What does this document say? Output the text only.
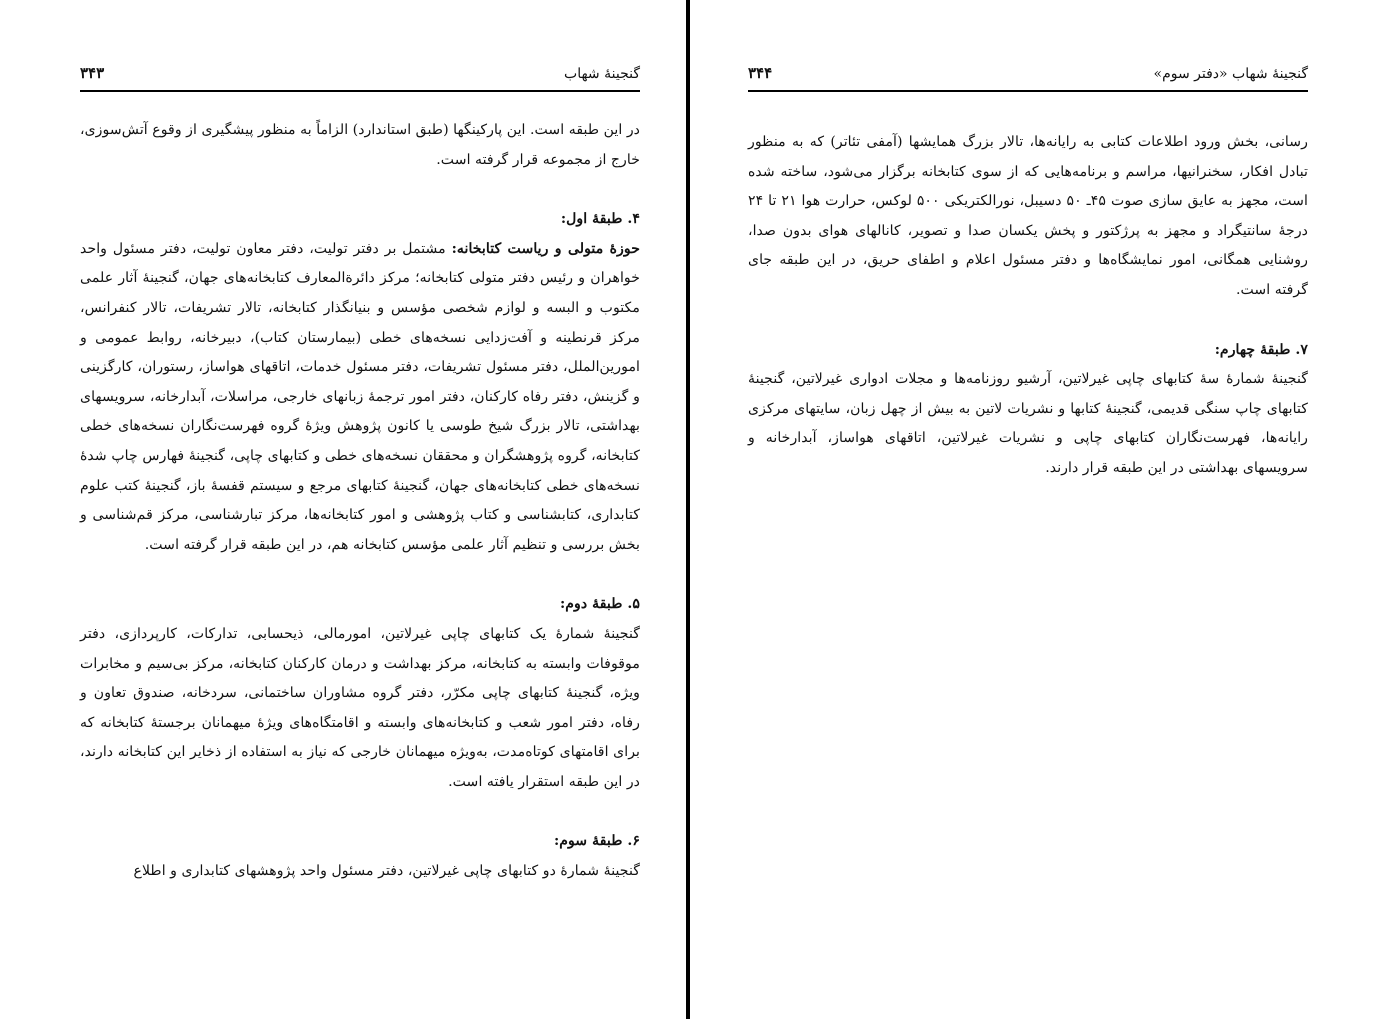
گنجینهٔ شهاب
۳۴۳

در این طبقه است. این پارکینگها (طبق استاندارد) الزاماً به منظور پیشگیری از وقوع آتش‌سوزی، خارج از مجموعه قرار گرفته است.

۴. طبقهٔ اول:

حوزهٔ متولی و ریاست کتابخانه: مشتمل بر دفتر تولیت، دفتر معاون تولیت، دفتر مسئول واحد خواهران و رئیس دفتر متولی کتابخانه؛ مرکز دائرةالمعارف کتابخانه‌های جهان، گنجینهٔ آثار علمی مکتوب و البسه و لوازم شخصی مؤسس و بنیانگذار کتابخانه، تالار تشریفات، تالار کنفرانس، مرکز قرنطینه و آفت‌زدایی نسخه‌های خطی (بیمارستان کتاب)، دبیرخانه، روابط عمومی و امورین‌الملل، دفتر مسئول تشریفات، دفتر مسئول خدمات، اتاقهای هواساز، رستوران، کارگزینی و گزینش، دفتر رفاه کارکنان، دفتر امور ترجمهٔ زبانهای خارجی، مراسلات، آبدارخانه، سرویسهای بهداشتی، تالار بزرگ شیخ طوسی یا کانون پژوهش ویژهٔ گروه فهرست‌نگاران نسخه‌های خطی کتابخانه، گروه پژوهشگران و محققان نسخه‌های خطی و کتابهای چاپی، گنجینهٔ فهارس چاپ شدهٔ نسخه‌های خطی کتابخانه‌های جهان، گنجینهٔ کتابهای مرجع و سیستم قفسهٔ باز، گنجینهٔ کتب علوم کتابداری، کتابشناسی و کتاب پژوهشی و امور کتابخانه‌ها، مرکز تبارشناسی، مرکز قم‌شناسی و بخش بررسی و تنظیم آثار علمی مؤسس کتابخانه هم، در این طبقه قرار گرفته است.

۵. طبقهٔ دوم:

گنجینهٔ شمارهٔ یک کتابهای چاپی غیرلاتین، امورمالی، ذیحسابی، تدارکات، کارپردازی، دفتر موقوفات وابسته به کتابخانه، مرکز بهداشت و درمان کارکنان کتابخانه، مرکز بی‌سیم و مخابرات ویژه، گنجینهٔ کتابهای چاپی مکرّر، دفتر گروه مشاوران ساختمانی، سردخانه، صندوق تعاون و رفاه، دفتر امور شعب و کتابخانه‌های وابسته و اقامتگاه‌های ویژهٔ میهمانان برجستهٔ کتابخانه که برای اقامتهای کوتاه‌مدت، به‌ویژه میهمانان خارجی که نیاز به استفاده از ذخایر این کتابخانه دارند، در این طبقه استقرار یافته است.

۶. طبقهٔ سوم:

گنجینهٔ شمارهٔ دو کتابهای چاپی غیرلاتین، دفتر مسئول واحد پژوهشهای کتابداری و اطلاع

گنجینهٔ شهاب «دفتر سوم»
۳۴۴

رسانی، بخش ورود اطلاعات کتابی به رایانه‌ها، تالار بزرگ همایشها (آمفی تئاتر) که به منظور تبادل افکار، سخنرانیها، مراسم و برنامه‌هایی که از سوی کتابخانه برگزار می‌شود، ساخته شده است، مجهز به عایق سازی صوت ۴۵ـ ۵۰ دسیبل، نورالکتریکی ۵۰۰ لوکس، حرارت هوا ۲۱ تا ۲۴ درجهٔ سانتیگراد و مجهز به پرژکتور و پخش یکسان صدا و تصویر، کانالهای هوای بدون صدا، روشنایی همگانی، امور نمایشگاه‌ها و دفتر مسئول اعلام و اطفای حریق، در این طبقه جای گرفته است.

۷. طبقهٔ چهارم:

گنجینهٔ شمارهٔ سهٔ کتابهای چاپی غیرلاتین، آرشیو روزنامه‌ها و مجلات ادواری غیرلاتین، گنجینهٔ کتابهای چاپ سنگی قدیمی، گنجینهٔ کتابها و نشریات لاتین به بیش از چهل زبان، سایتهای مرکزی رایانه‌ها، فهرست‌نگاران کتابهای چاپی و نشریات غیرلاتین، اتاقهای هواساز، آبدارخانه و سرویسهای بهداشتی در این طبقه قرار دارند.
